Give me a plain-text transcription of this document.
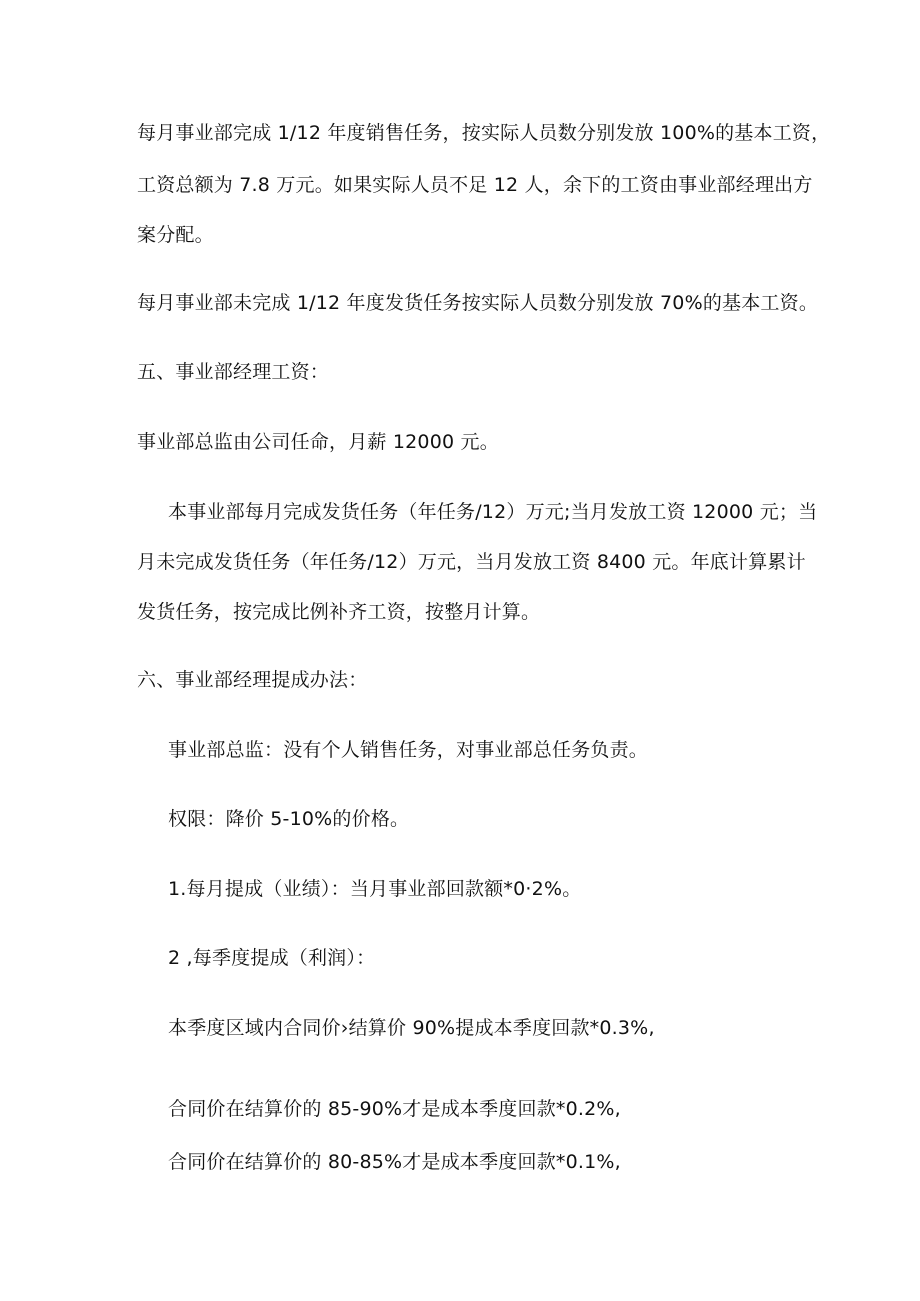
每月事业部完成 1/12 年度销售任务，按实际人员数分别发放 100%的基本工资，
工资总额为 7.8 万元。如果实际人员不足 12 人，余下的工资由事业部经理出方
案分配。
每月事业部未完成 1/12 年度发货任务按实际人员数分别发放 70%的基本工资。
五、事业部经理工资：
事业部总监由公司任命，月薪 12000 元。
本事业部每月完成发货任务（年任务/12）万元;当月发放工资 12000 元；当
月未完成发货任务（年任务/12）万元，当月发放工资 8400 元。年底计算累计
发货任务，按完成比例补齐工资，按整月计算。
六、事业部经理提成办法：
事业部总监：没有个人销售任务，对事业部总任务负责。
权限：降价 5-10%的价格。
1.每月提成（业绩）：当月事业部回款额*0·2%。
2 ,每季度提成（利润）：
本季度区域内合同价›结算价 90%提成本季度回款*0.3%,
合同价在结算价的 85-90%才是成本季度回款*0.2%,
合同价在结算价的 80-85%才是成本季度回款*0.1%,
